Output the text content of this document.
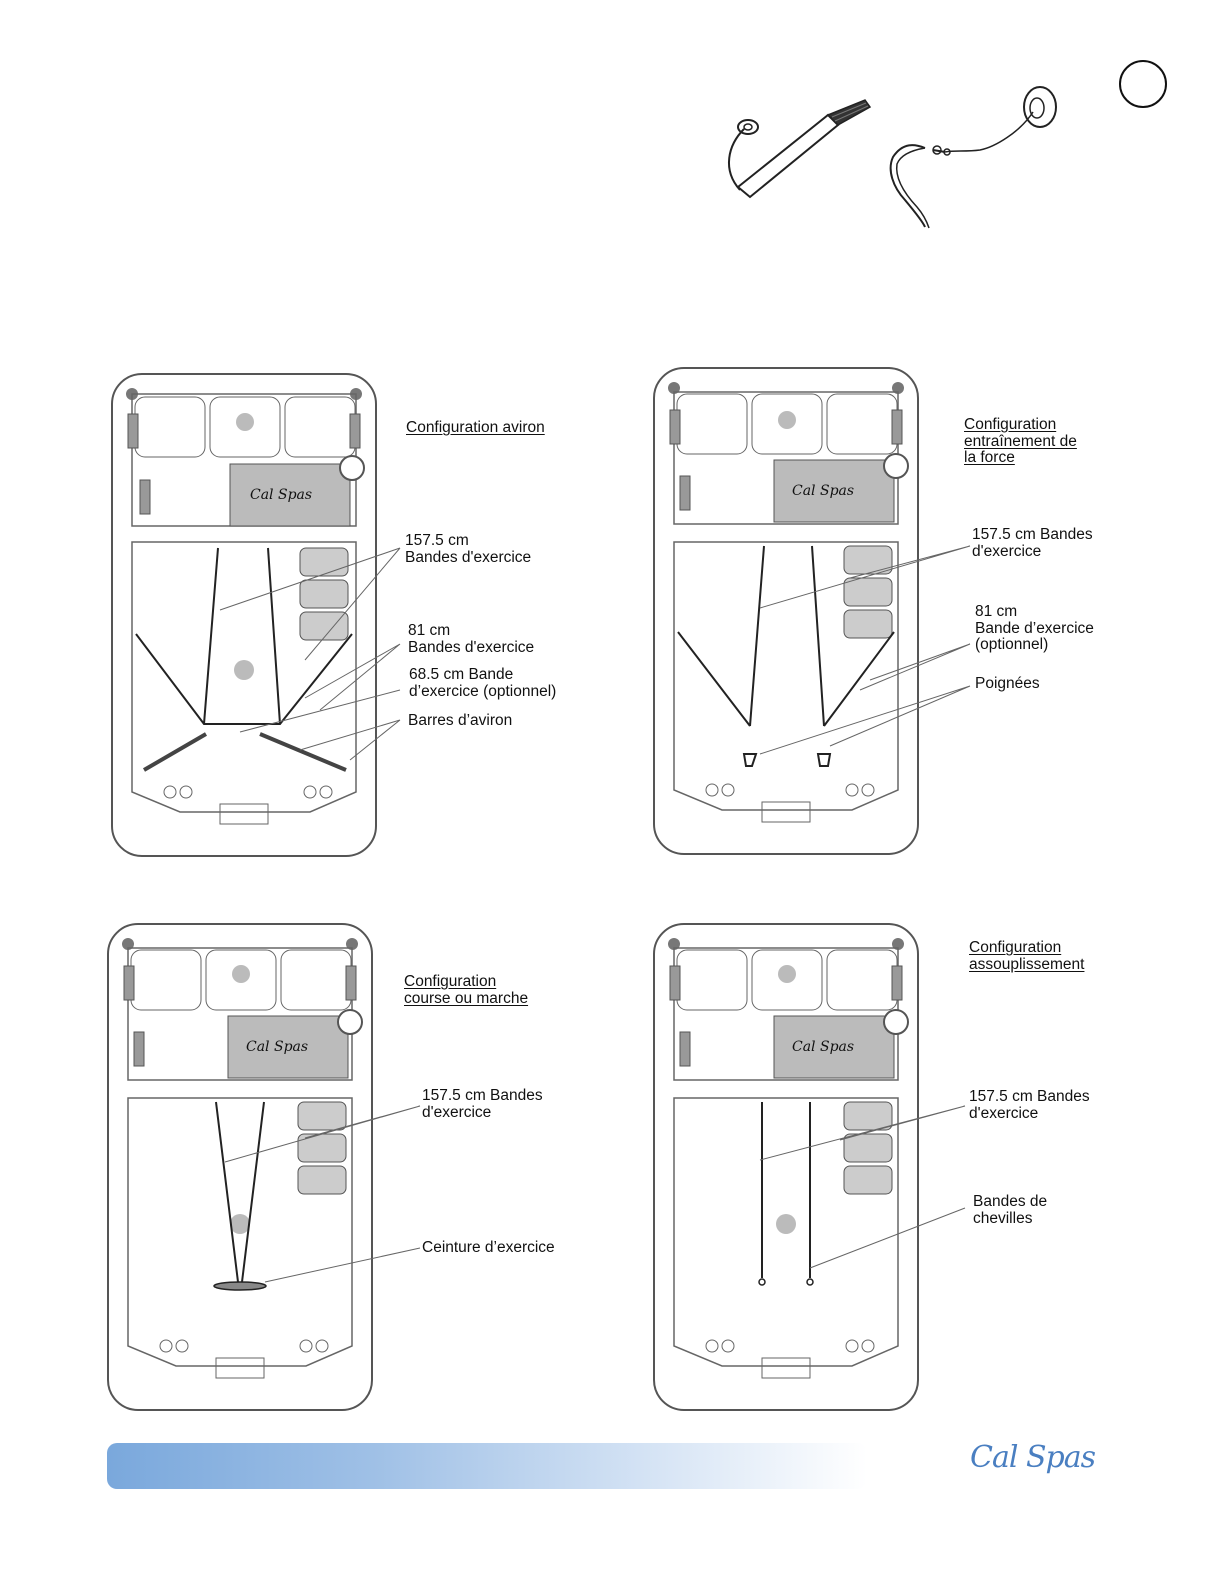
Cal Spas
Configuration aviron
157.5 cm
Bandes d'exercice
81 cm
Bandes d'exercice
68.5 cm Bande
d’exercice (optionnel)
Barres d’aviron
Cal Spas
Configuration
entraînement de
la force
157.5 cm Bandes
d'exercice
81 cm
Bande d’exercice
(optionnel)
Poignées
Cal Spas
Configuration
course ou marche
157.5 cm Bandes
d'exercice
Ceinture d’exercice
Cal Spas
Configuration
assouplissement
157.5 cm Bandes
d'exercice
Bandes de
chevilles
Cal Spas
